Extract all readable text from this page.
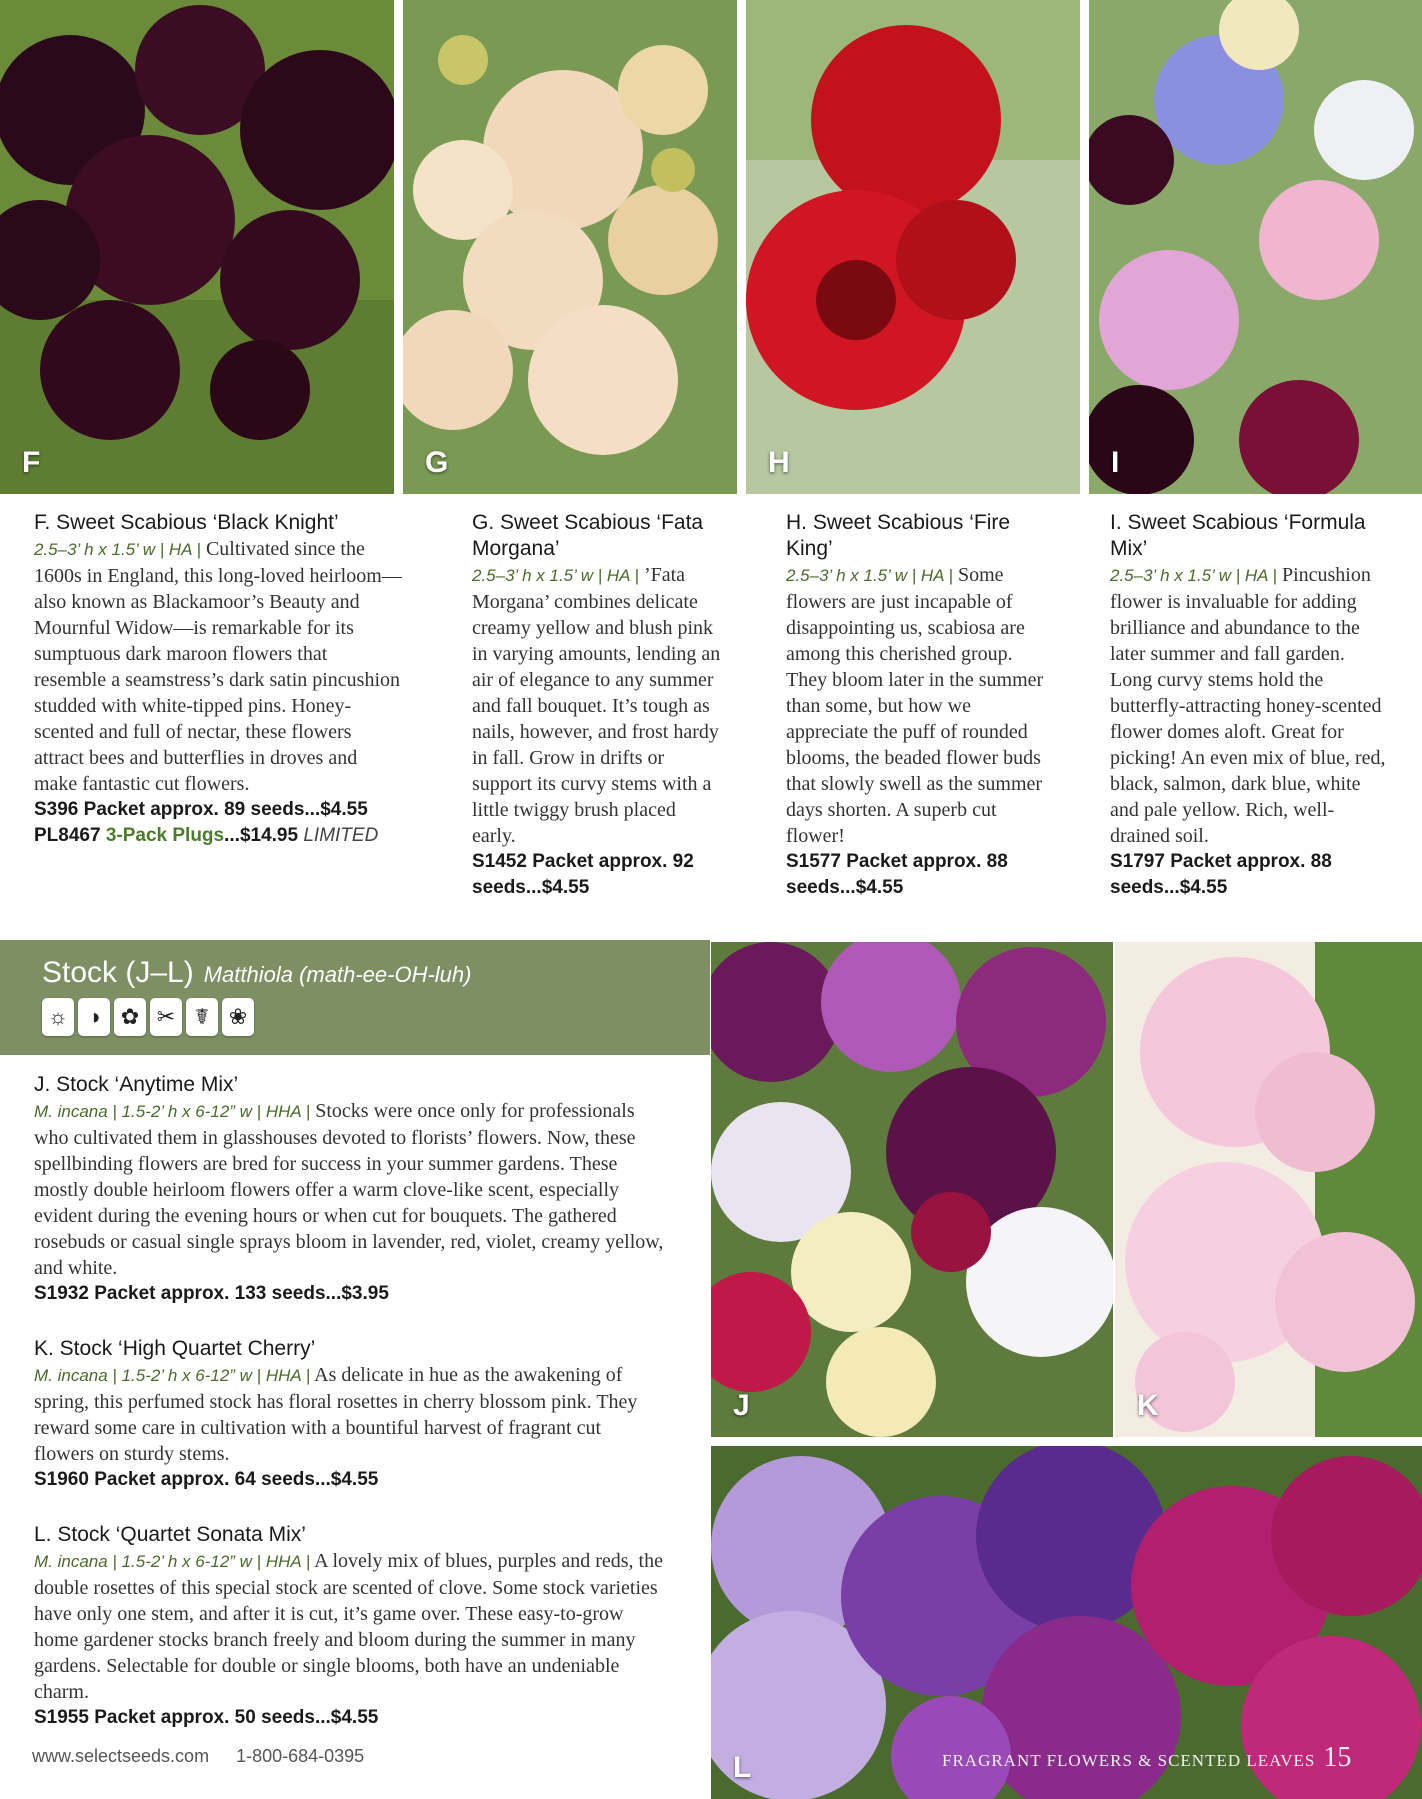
F	G	H	I

F. Sweet Scabious ‘Black Knight’

2.5–3’ h x 1.5’ w | HA | Cultivated since the 1600s in England, this long-loved heirloom—also known as Blackamoor’s Beauty and Mournful Widow—is remarkable for its sumptuous dark maroon flowers that resemble a seamstress’s dark satin pincushion studded with white-tipped pins. Honey-scented and full of nectar, these flowers attract bees and butterflies in droves and make fantastic cut flowers.

S396 Packet approx. 89 seeds...$4.55

PL8467 3-Pack Plugs...$14.95 LIMITED

G. Sweet Scabious ‘Fata Morgana’

2.5–3’ h x 1.5’ w | HA | ’Fata Morgana’ combines delicate creamy yellow and blush pink in varying amounts, lending an air of elegance to any summer and fall bouquet. It’s tough as nails, however, and frost hardy in fall. Grow in drifts or support its curvy stems with a little twiggy brush placed early.

S1452 Packet approx. 92 seeds...$4.55

H. Sweet Scabious ‘Fire King’

2.5–3’ h x 1.5’ w | HA | Some flowers are just incapable of disappointing us, scabiosa are among this cherished group. They bloom later in the summer than some, but how we appreciate the puff of rounded blooms, the beaded flower buds that slowly swell as the summer days shorten. A superb cut flower!

S1577 Packet approx. 88 seeds...$4.55

I. Sweet Scabious ‘Formula Mix’

2.5–3’ h x 1.5’ w | HA | Pincushion flower is invaluable for adding brilliance and abundance to the later summer and fall garden. Long curvy stems hold the butterfly-attracting honey-scented flower domes aloft. Great for picking! An even mix of blue, red, black, salmon, dark blue, white and pale yellow. Rich, well-drained soil.

S1797 Packet approx. 88 seeds...$4.55

Stock (J–L) Matthiola (math-ee-OH-luh)
☼ ◑ ✿ ✂ ☤ ❀

J. Stock ‘Anytime Mix’

M. incana | 1.5-2’ h x 6-12” w | HHA | Stocks were once only for professionals who cultivated them in glasshouses devoted to florists’ flowers. Now, these spellbinding flowers are bred for success in your summer gardens. These mostly double heirloom flowers offer a warm clove-like scent, especially evident during the evening hours or when cut for bouquets. The gathered rosebuds or casual single sprays bloom in lavender, red, violet, creamy yellow, and white.

S1932 Packet approx. 133 seeds...$3.95

K. Stock ‘High Quartet Cherry’

M. incana | 1.5-2’ h x 6-12” w | HHA | As delicate in hue as the awakening of spring, this perfumed stock has floral rosettes in cherry blossom pink. They reward some care in cultivation with a bountiful harvest of fragrant cut flowers on sturdy stems.

S1960 Packet approx. 64 seeds...$4.55

L. Stock ‘Quartet Sonata Mix’

M. incana | 1.5-2’ h x 6-12” w | HHA | A lovely mix of blues, purples and reds, the double rosettes of this special stock are scented of clove. Some stock varieties have only one stem, and after it is cut, it’s game over. These easy-to-grow home gardener stocks branch freely and bloom during the summer in many gardens. Selectable for double or single blooms, both have an undeniable charm.

S1955 Packet approx. 50 seeds...$4.55

J	K
L
www.selectseeds.com 1-800-684-0395	FRAGRANT FLOWERS & SCENTED LEAVES 15
